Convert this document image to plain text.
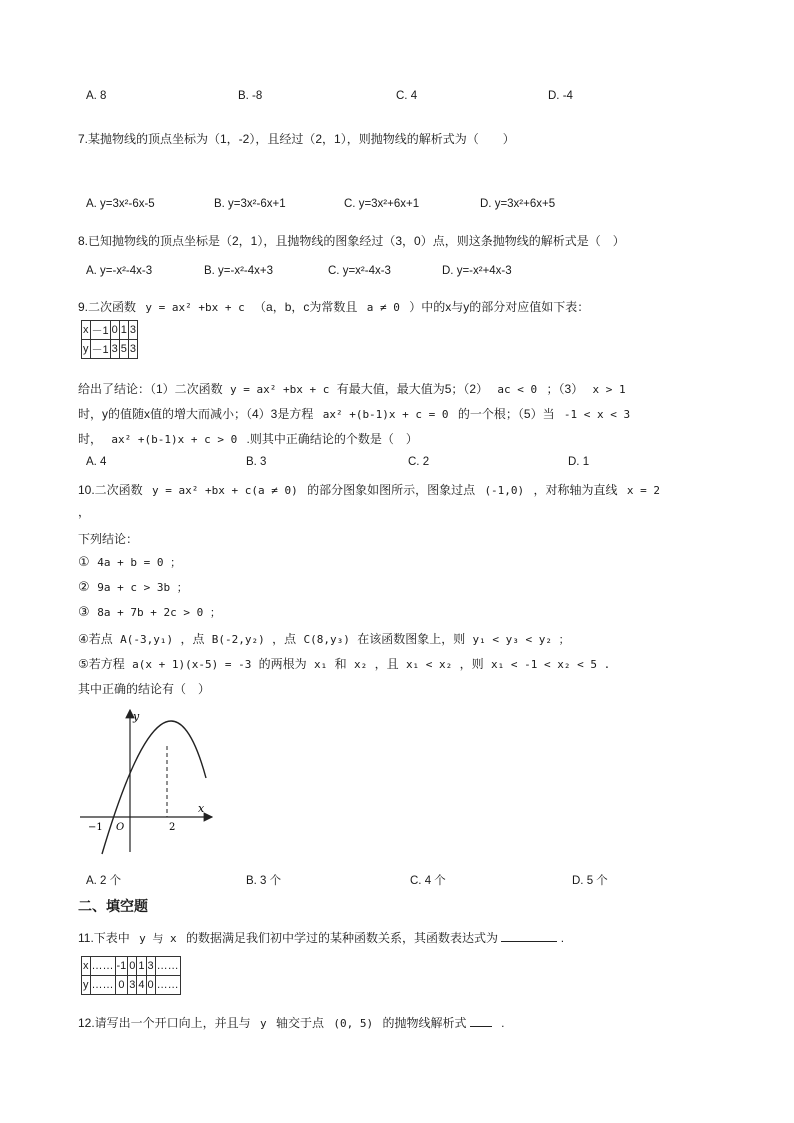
A. 8	B. -8	C. 4	D. -4
7.某抛物线的顶点坐标为（1，-2），且经过（2，1），则抛物线的解析式为（　　）
A. y=3x²-6x-5	B. y=3x²-6x+1	C. y=3x²+6x+1	D. y=3x²+6x+5
8.已知抛物线的顶点坐标是（2，1），且抛物线的图象经过（3，0）点，则这条抛物线的解析式是（　）
A. y=-x²-4x-3	B. y=-x²-4x+3	C. y=x²-4x-3	D. y=-x²+4x-3
9.二次函数 y = ax² +bx + c （a，b，c为常数且 a ≠ 0 ）中的x与y的部分对应值如下表：
x	－1	0	1	3
y	－1	3	5	3
给出了结论：（1）二次函数 y = ax² +bx + c 有最大值，最大值为5；（2） ac < 0 ；（3） x > 1
时，y的值随x值的增大而减小；（4）3是方程 ax² +(b-1)x + c = 0 的一个根；（5）当 -1 < x < 3
时， ax² +(b-1)x + c > 0 .则其中正确结论的个数是（　）
A. 4	B. 3	C. 2	D. 1
10.二次函数 y = ax² +bx + c(a ≠ 0) 的部分图象如图所示，图象过点 (-1,0) ，对称轴为直线 x = 2
，
下列结论：
① 4a + b = 0 ；
② 9a + c > 3b ；
③ 8a + 7b + 2c > 0 ；
④若点 A(-3,y₁) ，点 B(-2,y₂) ，点 C(8,y₃) 在该函数图象上，则 y₁ < y₃ < y₂ ；
⑤若方程 a(x + 1)(x-5) = -3 的两根为 x₁ 和 x₂ ，且 x₁ < x₂ ，则 x₁ < -1 < x₂ < 5 .
其中正确的结论有（　）
y
x
O
−1	2
A. 2 个	B. 3 个	C. 4 个	D. 5 个
二、填空题
11.下表中 y 与 x 的数据满足我们初中学过的某种函数关系，其函数表达式为	.
x	……	-1	0	1	3	……
y	……	0	3	4	0	……
12.请写出一个开口向上，并且与 y 轴交于点 (0, 5) 的抛物线解析式	.
